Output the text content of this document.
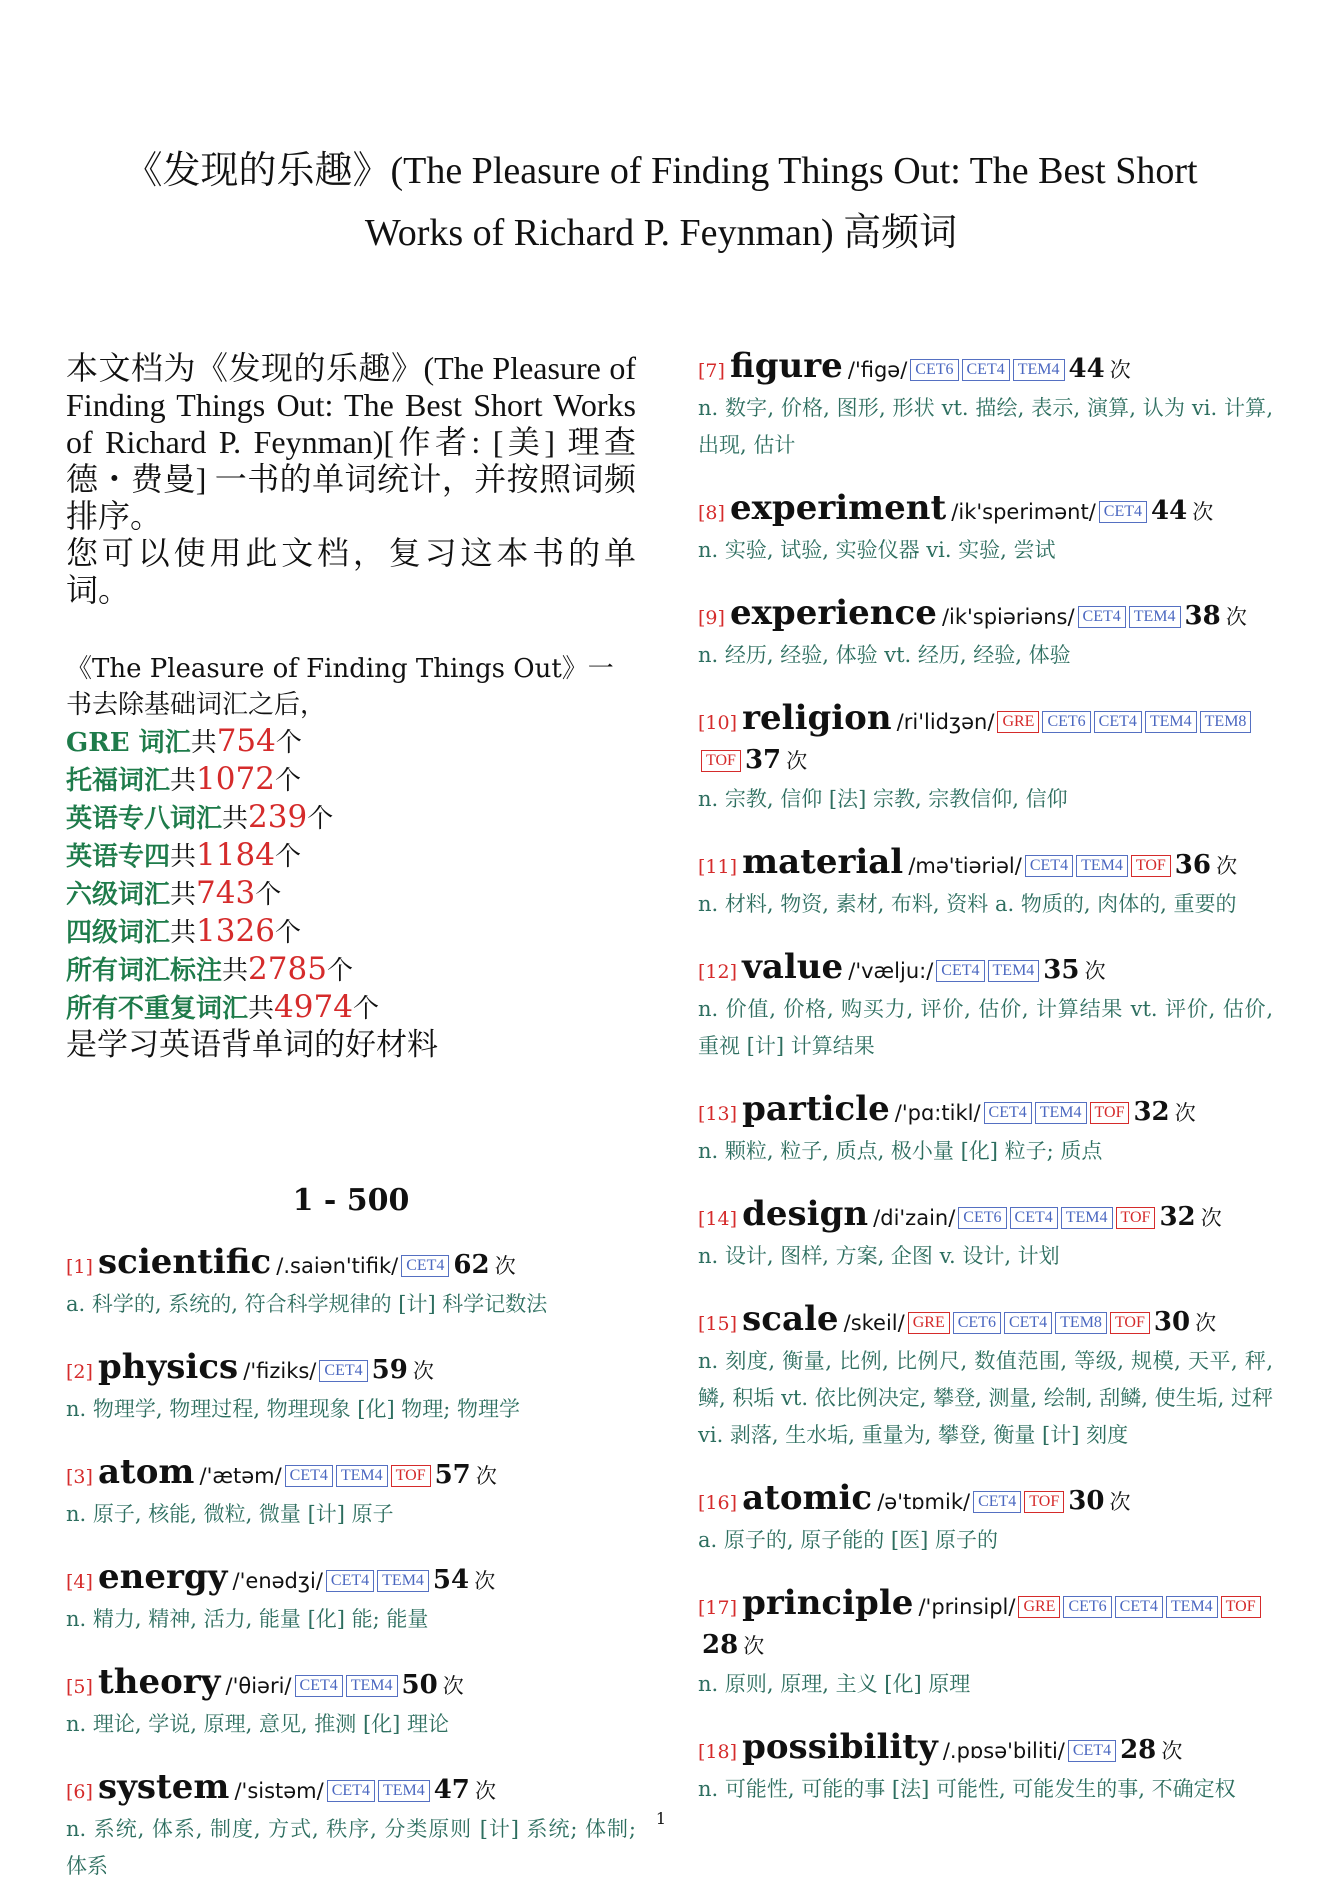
《发现的乐趣》(The Pleasure of Finding Things Out: The Best Short
Works of Richard P. Feynman) 高频词
本文档为《发现的乐趣》(The Pleasure of Finding Things Out: The Best Short Works of Richard P. Feynman)[作者: [美] 理查德・费曼] 一书的单词统计，并按照词频排序。
您可以使用此文档，复习这本书的单词。
《The Pleasure of Finding Things Out》一书去除基础词汇之后，
GRE 词汇共754个
托福词汇共1072个
英语专八词汇共239个
英语专四共1184个
六级词汇共743个
四级词汇共1326个
所有词汇标注共2785个
所有不重复词汇共4974个
是学习英语背单词的好材料
1 - 500
[1] scientific /.saiən'tifik/ CET4 62 次
a. 科学的, 系统的, 符合科学规律的 [计] 科学记数法
[2] physics /'fiziks/ CET4 59 次
n. 物理学, 物理过程, 物理现象 [化] 物理; 物理学
[3] atom /'ætəm/ CET4 TEM4 TOF 57 次
n. 原子, 核能, 微粒, 微量 [计] 原子
[4] energy /'enədʒi/ CET4 TEM4 54 次
n. 精力, 精神, 活力, 能量 [化] 能; 能量
[5] theory /'θiəri/ CET4 TEM4 50 次
n. 理论, 学说, 原理, 意见, 推测 [化] 理论
[6] system /'sistəm/ CET4 TEM4 47 次
n. 系统, 体系, 制度, 方式, 秩序, 分类原则 [计] 系统; 体制; 体系
[7] figure /'figə/ CET6 CET4 TEM4 44 次
n. 数字, 价格, 图形, 形状 vt. 描绘, 表示, 演算, 认为 vi. 计算, 出现, 估计
[8] experiment /ik'sperimənt/ CET4 44 次
n. 实验, 试验, 实验仪器 vi. 实验, 尝试
[9] experience /ik'spiəriəns/ CET4 TEM4 38 次
n. 经历, 经验, 体验 vt. 经历, 经验, 体验
[10] religion /ri'lidʒən/ GRE CET6 CET4 TEM4 TEM8TOF 37 次
n. 宗教, 信仰 [法] 宗教, 宗教信仰, 信仰
[11] material /mə'tiəriəl/ CET4 TEM4 TOF 36 次
n. 材料, 物资, 素材, 布料, 资料 a. 物质的, 肉体的, 重要的
[12] value /'vælju:/ CET4 TEM4 35 次
n. 价值, 价格, 购买力, 评价, 估价, 计算结果 vt. 评价, 估价, 重视 [计] 计算结果
[13] particle /'pɑ:tikl/ CET4 TEM4 TOF 32 次
n. 颗粒, 粒子, 质点, 极小量 [化] 粒子; 质点
[14] design /di'zain/ CET6 CET4 TEM4 TOF 32 次
n. 设计, 图样, 方案, 企图 v. 设计, 计划
[15] scale /skeil/ GRE CET6 CET4 TEM8 TOF 30 次
n. 刻度, 衡量, 比例, 比例尺, 数值范围, 等级, 规模, 天平, 秤, 鳞, 积垢 vt. 依比例决定, 攀登, 测量, 绘制, 刮鳞, 使生垢, 过秤 vi. 剥落, 生水垢, 重量为, 攀登, 衡量 [计] 刻度
[16] atomic /ə'tɒmik/ CET4 TOF 30 次
a. 原子的, 原子能的 [医] 原子的
[17] principle /'prinsipl/ GRE CET6 CET4 TEM4 TOF28 次
n. 原则, 原理, 主义 [化] 原理
[18] possibility /.pɒsə'biliti/ CET4 28 次
n. 可能性, 可能的事 [法] 可能性, 可能发生的事, 不确定权
1
